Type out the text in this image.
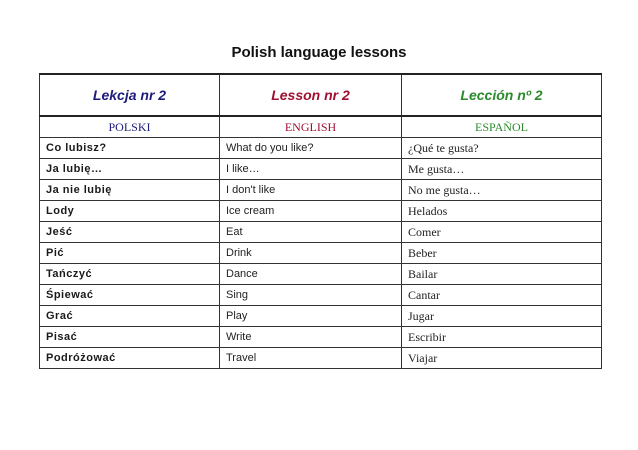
Polish language lessons
Lekcja nr 2	Lesson nr 2	Lección nº 2
POLSKI	ENGLISH	ESPAÑOL
Co lubisz?	What do you like?	¿Qué te gusta?
Ja lubię…	I like…	Me gusta…
Ja nie lubię	I don't like	No me gusta…
Lody	Ice cream	Helados
Jeść	Eat	Comer
Pić	Drink	Beber
Tańczyć	Dance	Bailar
Śpiewać	Sing	Cantar
Grać	Play	Jugar
Pisać	Write	Escribir
Podróżować	Travel	Viajar
